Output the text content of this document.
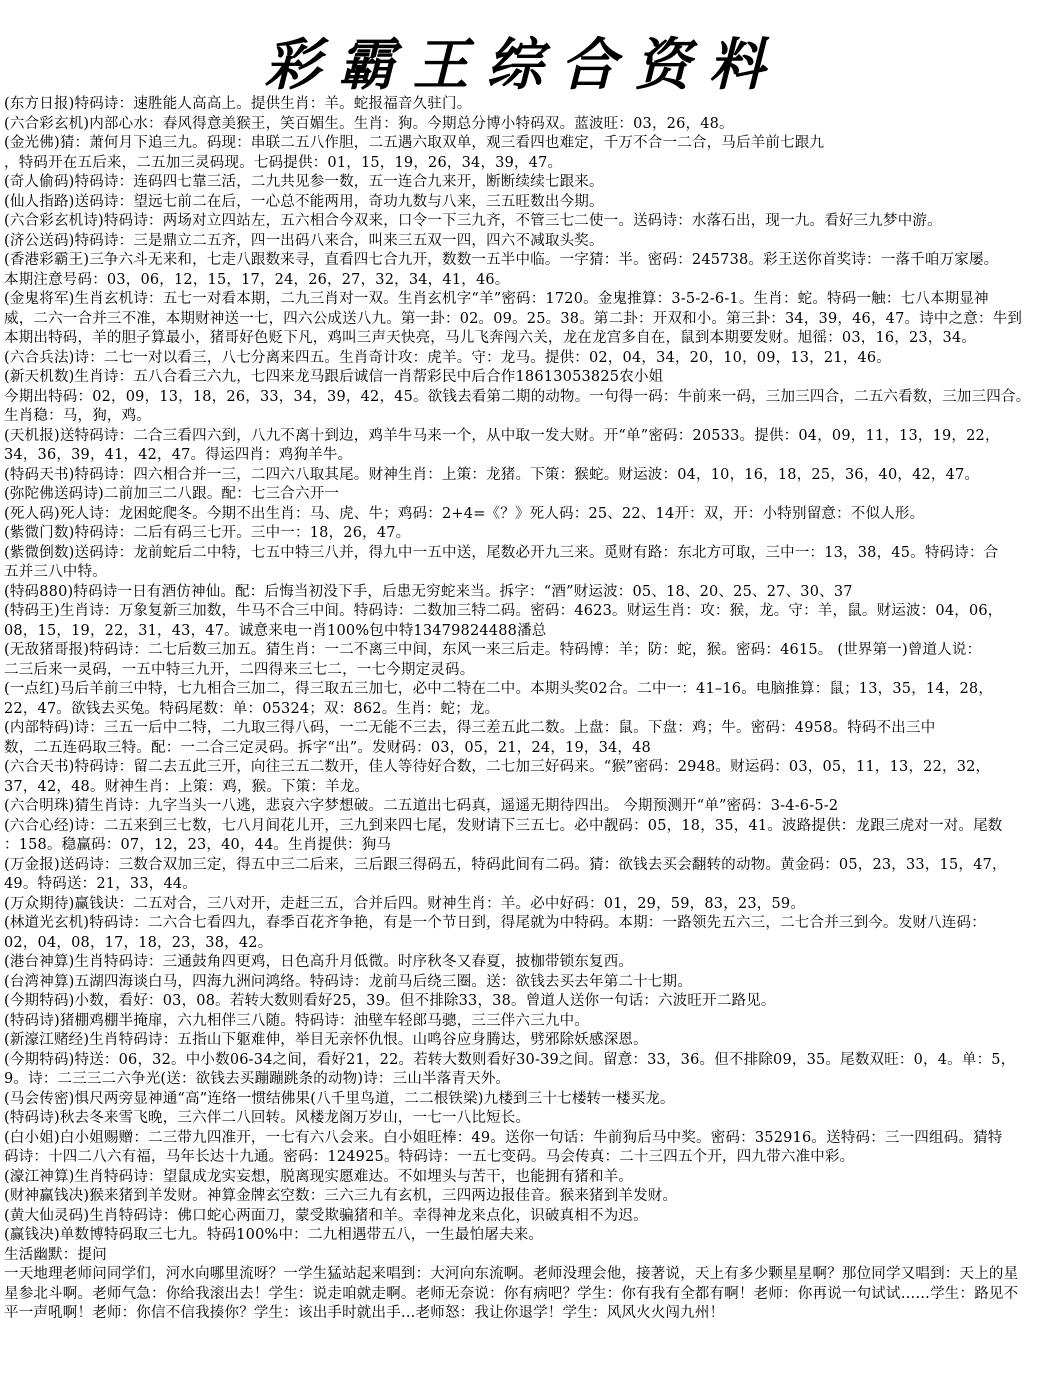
彩霸王综合资料
(东方日报)特码诗：速胜能人高高上。提供生肖：羊。蛇报福音久驻门。
(六合彩玄机)内部心水：春风得意美猴王，笑百媚生。生肖：狗。今期总分博小特码双。蓝波旺：03，26，48。
(金光佛)猜：萧何月下追三九。码现：串联二五八作胆，二五遇六取双单，观三看四也难定，千万不合一二合，马后羊前七跟九
，特码开在五后来，二五加三灵码现。七码提供：01，15，19，26，34，39，47。
(奇人偷码)特码诗：连码四七靠三活，二九共见参一数，五一连合九来开，断断续续七跟来。
(仙人指路)送码诗：望远七前二在后，一心总不能两用，奇功九数与八来，三五旺数出今期。
(六合彩玄机诗)特码诗：两场对立四站左，五六相合今双来，口令一下三九齐，不管三七二使一。送码诗：水落石出，现一九。看好三九梦中游。
(济公送码)特码诗：三是鼎立二五齐，四一出码八来合，叫来三五双一四，四六不减取头奖。
(香港彩霸王)三争六斗无来和，七走八跟数来寻，直看四七合九开，数数一五半中临。一字猜：半。密码：245738。彩王送你首奖诗：一落千咱万家屡。
本期注意号码：03，06，12，15，17，24，26，27，32，34，41，46。
(金鬼将军)生肖玄机诗：五七一对看本期，二九三肖对一双。生肖玄机字“羊”密码：1720。金鬼推算：3-5-2-6-1。生肖：蛇。特码一触：七八本期显神
威，二六一合并三不准，本期财神送一七，四六公成送八九。第一卦：02。09。25。38。第二卦：开双和小。第三卦：34，39，46，47。诗中之意：牛到
本期出特码，羊的胆子算最小，猪哥好色贬下凡，鸡叫三声天快亮，马儿飞奔闯六关，龙在龙宫多自在，鼠到本期要发财。旭徭：03，16，23，34。
(六合兵法)诗：二七一对以看三，八七分离来四五。生肖奇计攻：虎羊。守：龙马。提供：02，04，34，20，10，09，13，21，46。
(新天机数)生肖诗：五八合看三六九，七四来龙马跟后诚信一肖帮彩民中后合作18613053825农小姐
今期出特码：02，09，13，18，26，33，34，39，42，45。欲钱去看第二期的动物。一句得一码：牛前来一码，三加三四合，二五六看数，三加三四合。
生肖稳：马，狗，鸡。
(天机报)送特码诗：二合三看四六到，八九不离十到边，鸡羊牛马来一个，从中取一发大财。开“单”密码：20533。提供：04，09，11，13，19，22，
34，36，39，41，42，47。得运四肖：鸡狗羊牛。
(特码天书)特码诗：四六相合并一三，二四六八取其尾。财神生肖：上策：龙猪。下策：猴蛇。财运波：04，10，16，18，25，36，40，42，47。
(弥陀佛送码诗)二前加三二八跟。配：七三合六开一
(死人码)死人诗：龙困蛇爬冬。今期不出生肖：马、虎、牛；鸡码：2+4=《？》死人码：25、22、14开：双，开：小特别留意：不似人形。
(紫微门数)特码诗：二后有码三七开。三中一：18，26，47。
(紫微倒数)送码诗：龙前蛇后二中特，七五中特三八并，得九中一五中送，尾数必开九三来。觅财有路：东北方可取，三中一：13，38，45。特码诗：合
五并三八中特。
(特码880)特码诗一日有酒仿神仙。配：后悔当初没下手，后患无穷蛇来当。拆字：“酒”财运波：05、18、20、25、27、30、37
(特码王)生肖诗：万象复新三加数，牛马不合三中间。特码诗：二数加三特二码。密码：4623。财运生肖：攻：猴，龙。守：羊，鼠。财运波：04，06，
08，15，19，22，31，43，47。诚意来电一肖100%包中特13479824488潘总
(无敌猪哥报)特码诗：二七后数三加五。猜生肖：一二不离三中间，东风一来三后走。特码博：羊；防：蛇，猴。密码：4615。 (世界第一)曾道人说：
二三后来一灵码，一五中特三九开，二四得来三七二，一七今期定灵码。
(一点红)马后羊前三中特，七九相合三加二，得三取五三加七，必中二特在二中。本期头奖02合。二中一：41–16。电脑推算：鼠；13，35，14，28，
22，47。欲钱去买兔。特码尾数：单：05324；双：862。生肖：蛇；龙。
(内部特码)诗：三五一后中二特，二九取三得八码，一二无能不三去，得三差五此二数。上盘：鼠。下盘：鸡；牛。密码：4958。特码不出三中
数，二五连码取三特。配：一二合三定灵码。拆字“出”。发财码：03，05，21，24，19，34，48
(六合天书)特码诗：留二去五此三开，向往三五二数开，佳人等待好合数，二七加三好码来。“猴”密码：2948。财运码：03，05，11，13，22，32，
37，42，48。财神生肖：上策：鸡，猴。下策：羊龙。
(六合明珠)猜生肖诗：九字当头一八逃，悲哀六字梦想破。二五道出七码真，遥遥无期待四出。 今期预测开“单”密码：3-4-6-5-2
(六合心经)诗：二五来到三七数，七八月间花儿开，三九到来四七尾，发财请下三五七。必中靓码：05，18，35，41。波路提供：龙跟三虎对一对。尾数
：158。稳赢码：07，12，23，40，44。生肖提供：狗马
(万金报)送码诗：三数合双加三定，得五中三二后来，三后跟三得码五，特码此间有二码。猜：欲钱去买会翻转的动物。黄金码：05，23，33，15，47，
49。特码送：21，33，44。
(万众期待)赢钱诀：二五对合，三八对开，走赶三五，合并后四。财神生肖：羊。必中好码：01，29，59，83，23，59。
(林道光玄机)特码诗：二六合七看四九，春季百花齐争艳，有是一个节日到，得尾就为中特码。本期：一路领先五六三，二七合并三到今。发财八连码：
02，04，08，17，18，23，38，42。
(港台神算)生肖特码诗：三通鼓角四更鸡，日色高升月低微。时序秋冬又春夏，披枷带锁东复西。
(台湾神算)五湖四海谈白马，四海九洲问鸿络。特码诗：龙前马后绕三圈。送：欲钱去买去年第二十七期。
(今期特码)小数，看好：03，08。若转大数则看好25，39。但不排除33，38。曾道人送你一句话：六波旺开二路见。
(特码诗)猪棚鸡棚半掩扉，六九相伴三八随。特码诗：油壁车轻郎马骢，三三伴六三九中。
(新濠江赌经)生肖特码诗：五指山下躯难伸，举目无亲怀仇恨。山鸣谷应身腾达，劈邪除妖感深恩。
(今期特码)特送：06，32。中小数06-34之间，看好21，22。若转大数则看好30-39之间。留意：33，36。但不排除09，35。尾数双旺：0，4。单：5，
9。诗：二三三二六争光(送：欲钱去买蹦蹦跳条的动物)诗：三山半落青天外。
(马会传密)惧尺两旁显神通“高”连络一惯结佛果(八千里鸟道，二二根铁梁)九楼到三十七楼转一楼买龙。
(特码诗)秋去冬来雪飞晚，三六伴二八回转。风楼龙阁万岁山，一七一八比短长。
(白小姐)白小姐赐赠：二三带九四准开，一七有六八会来。白小姐旺棒：49。送你一句话：牛前狗后马中奖。密码：352916。送特码：三一四组码。猜特
码诗：十四二八六有福，马年长达十九通。密码：124925。特码诗：一五七变码。马会传真：二十三四五个开，四九带六准中彩。
(濠江神算)生肖特码诗：望鼠成龙实妄想，脱离现实愿难达。不如埋头与苦干，也能拥有猪和羊。
(财神赢钱决)猴来猪到羊发财。神算金牌玄空数：三六三九有玄机，三四两边报佳音。猴来猪到羊发财。
(黄大仙灵码)生肖特码诗：佛口蛇心两面刀，蒙受欺骗猪和羊。幸得神龙来点化，识破真相不为迟。
(赢钱决)单数博特码取三七九。特码100%中：二九相遇带五八，一生最怕屠夫来。
生活幽默：提问
一天地理老师问同学们，河水向哪里流呀？一学生猛站起来唱到：大河向东流啊。老师没理会他，接著说，天上有多少颗星星啊？那位同学又唱到：天上的星
星参北斗啊。老师气急：你给我滚出去！学生：说走咱就走啊。老师无奈说：你有病吧？学生：你有我有全都有啊！老师：你再说一句试试……学生：路见不
平一声吼啊！老师：你信不信我揍你？学生：该出手时就出手…老师怒：我让你退学！学生：风风火火闯九州！
